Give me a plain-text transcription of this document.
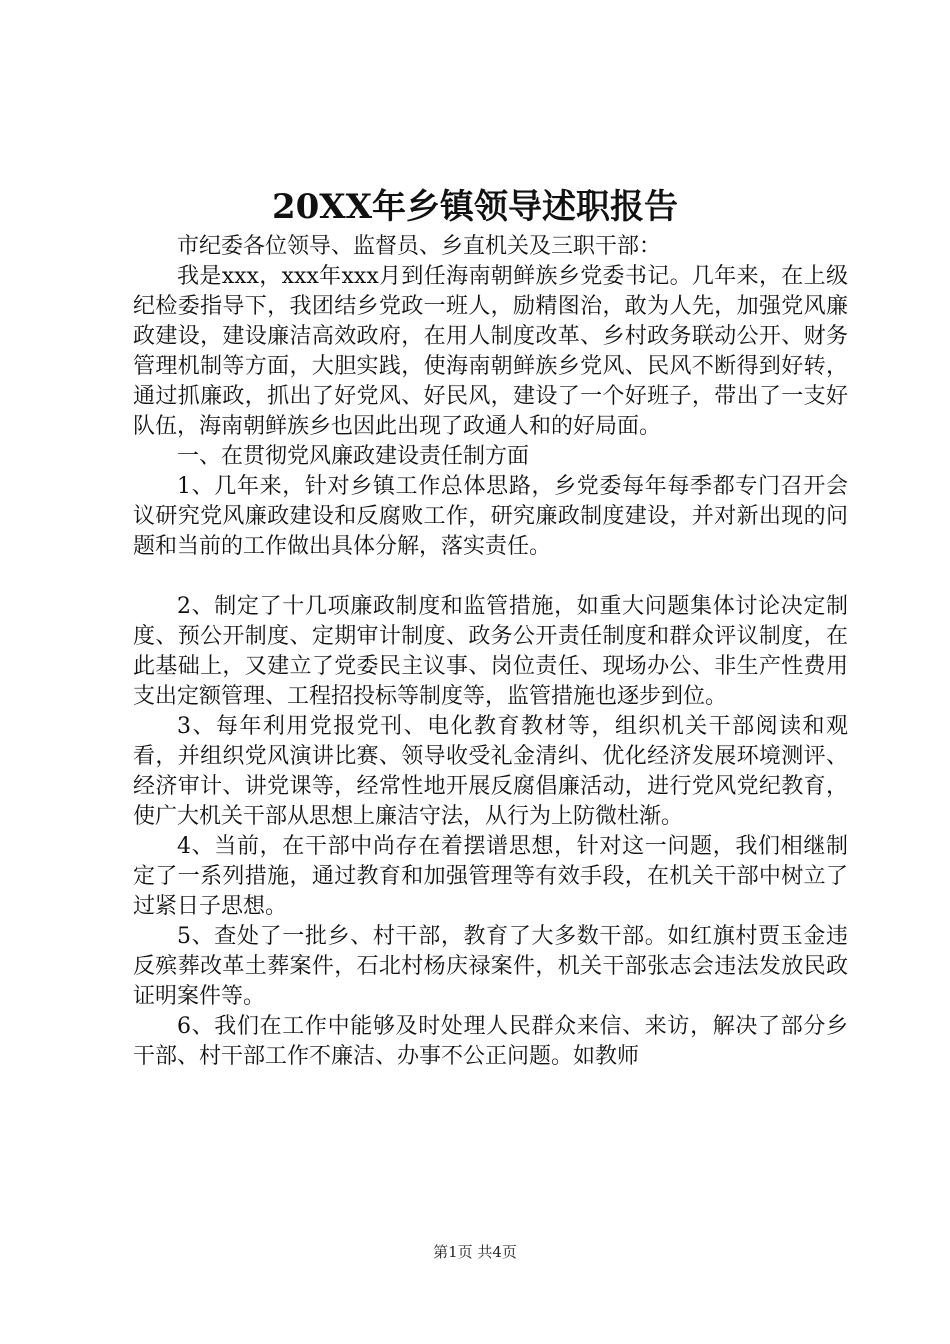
20XX年乡镇领导述职报告

市纪委各位领导、监督员、乡直机关及三职干部：

我是xxx，xxx年xxx月到任海南朝鲜族乡党委书记。几年来，在上级纪检委指导下，我团结乡党政一班人，励精图治，敢为人先，加强党风廉政建设，建设廉洁高效政府，在用人制度改革、乡村政务联动公开、财务管理机制等方面，大胆实践，使海南朝鲜族乡党风、民风不断得到好转，通过抓廉政，抓出了好党风、好民风，建设了一个好班子，带出了一支好队伍，海南朝鲜族乡也因此出现了政通人和的好局面。

一、在贯彻党风廉政建设责任制方面

1、几年来，针对乡镇工作总体思路，乡党委每年每季都专门召开会议研究党风廉政建设和反腐败工作，研究廉政制度建设，并对新出现的问题和当前的工作做出具体分解，落实责任。

2、制定了十几项廉政制度和监管措施，如重大问题集体讨论决定制度、预公开制度、定期审计制度、政务公开责任制度和群众评议制度，在此基础上，又建立了党委民主议事、岗位责任、现场办公、非生产性费用支出定额管理、工程招投标等制度等，监管措施也逐步到位。

3、每年利用党报党刊、电化教育教材等，组织机关干部阅读和观看，并组织党风演讲比赛、领导收受礼金清纠、优化经济发展环境测评、经济审计、讲党课等，经常性地开展反腐倡廉活动，进行党风党纪教育，使广大机关干部从思想上廉洁守法，从行为上防微杜渐。

4、当前，在干部中尚存在着摆谱思想，针对这一问题，我们相继制定了一系列措施，通过教育和加强管理等有效手段，在机关干部中树立了过紧日子思想。

5、查处了一批乡、村干部，教育了大多数干部。如红旗村贾玉金违反殡葬改革土葬案件，石北村杨庆禄案件，机关干部张志会违法发放民政证明案件等。

6、我们在工作中能够及时处理人民群众来信、来访，解决了部分乡干部、村干部工作不廉洁、办事不公正问题。如教师

第1页 共4页
